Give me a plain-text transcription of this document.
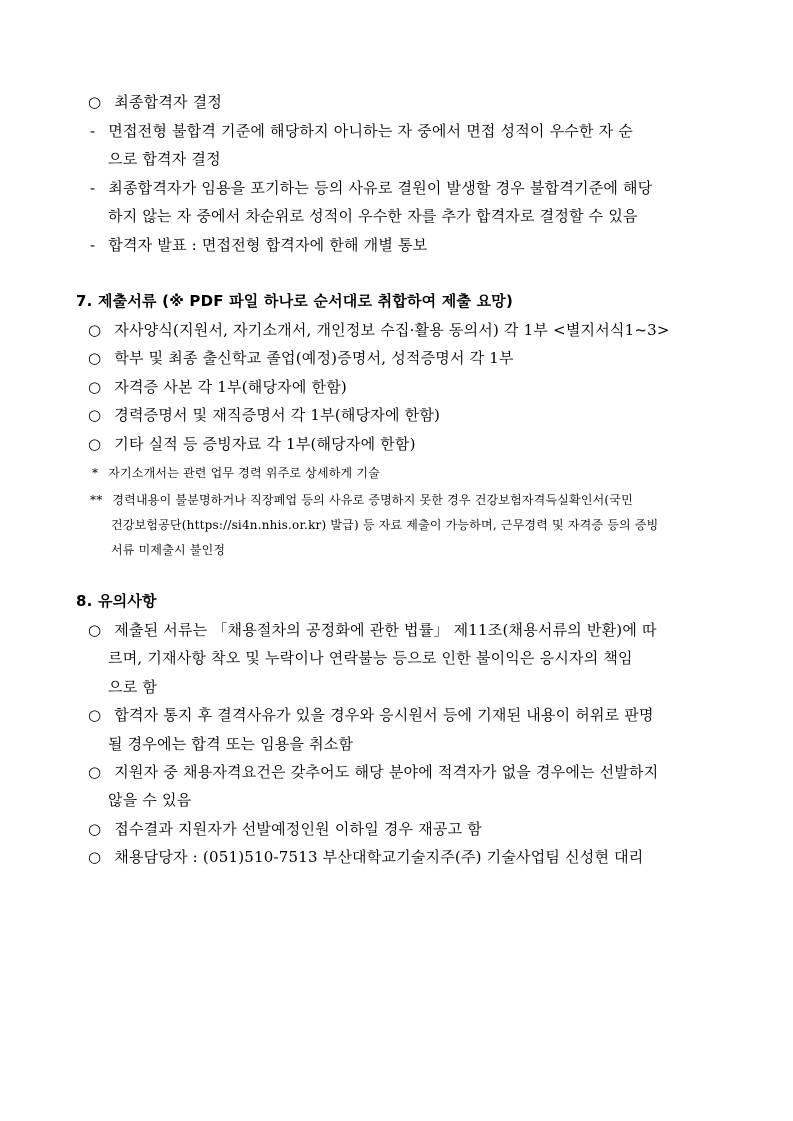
○ 최종합격자 결정
- 면접전형 불합격 기준에 해당하지 아니하는 자 중에서 면접 성적이 우수한 자 순
으로 합격자 결정
- 최종합격자가 임용을 포기하는 등의 사유로 결원이 발생할 경우 불합격기준에 해당
하지 않는 자 중에서 차순위로 성적이 우수한 자를 추가 합격자로 결정할 수 있음
- 합격자 발표 : 면접전형 합격자에 한해 개별 통보
7. 제출서류 (※ PDF 파일 하나로 순서대로 취합하여 제출 요망)
○ 자사양식(지원서, 자기소개서, 개인정보 수집·활용 동의서) 각 1부 <별지서식1~3>
○ 학부 및 최종 출신학교 졸업(예정)증명서, 성적증명서 각 1부
○ 자격증 사본 각 1부(해당자에 한함)
○ 경력증명서 및 재직증명서 각 1부(해당자에 한함)
○ 기타 실적 등 증빙자료 각 1부(해당자에 한함)
* 자기소개서는 관련 업무 경력 위주로 상세하게 기술
** 경력내용이 불분명하거나 직장폐업 등의 사유로 증명하지 못한 경우 건강보험자격득실확인서(국민
건강보험공단(https://si4n.nhis.or.kr) 발급) 등 자료 제출이 가능하며, 근무경력 및 자격증 등의 증빙
서류 미제출시 불인정
8. 유의사항
○ 제출된 서류는 「채용절차의 공정화에 관한 법률」 제11조(채용서류의 반환)에 따
르며, 기재사항 착오 및 누락이나 연락불능 등으로 인한 불이익은 응시자의 책임
으로 함
○ 합격자 통지 후 결격사유가 있을 경우와 응시원서 등에 기재된 내용이 허위로 판명
될 경우에는 합격 또는 임용을 취소함
○ 지원자 중 채용자격요건은 갖추어도 해당 분야에 적격자가 없을 경우에는 선발하지
않을 수 있음
○ 접수결과 지원자가 선발예정인원 이하일 경우 재공고 함
○ 채용담당자 : (051)510-7513 부산대학교기술지주(주) 기술사업팀 신성현 대리
